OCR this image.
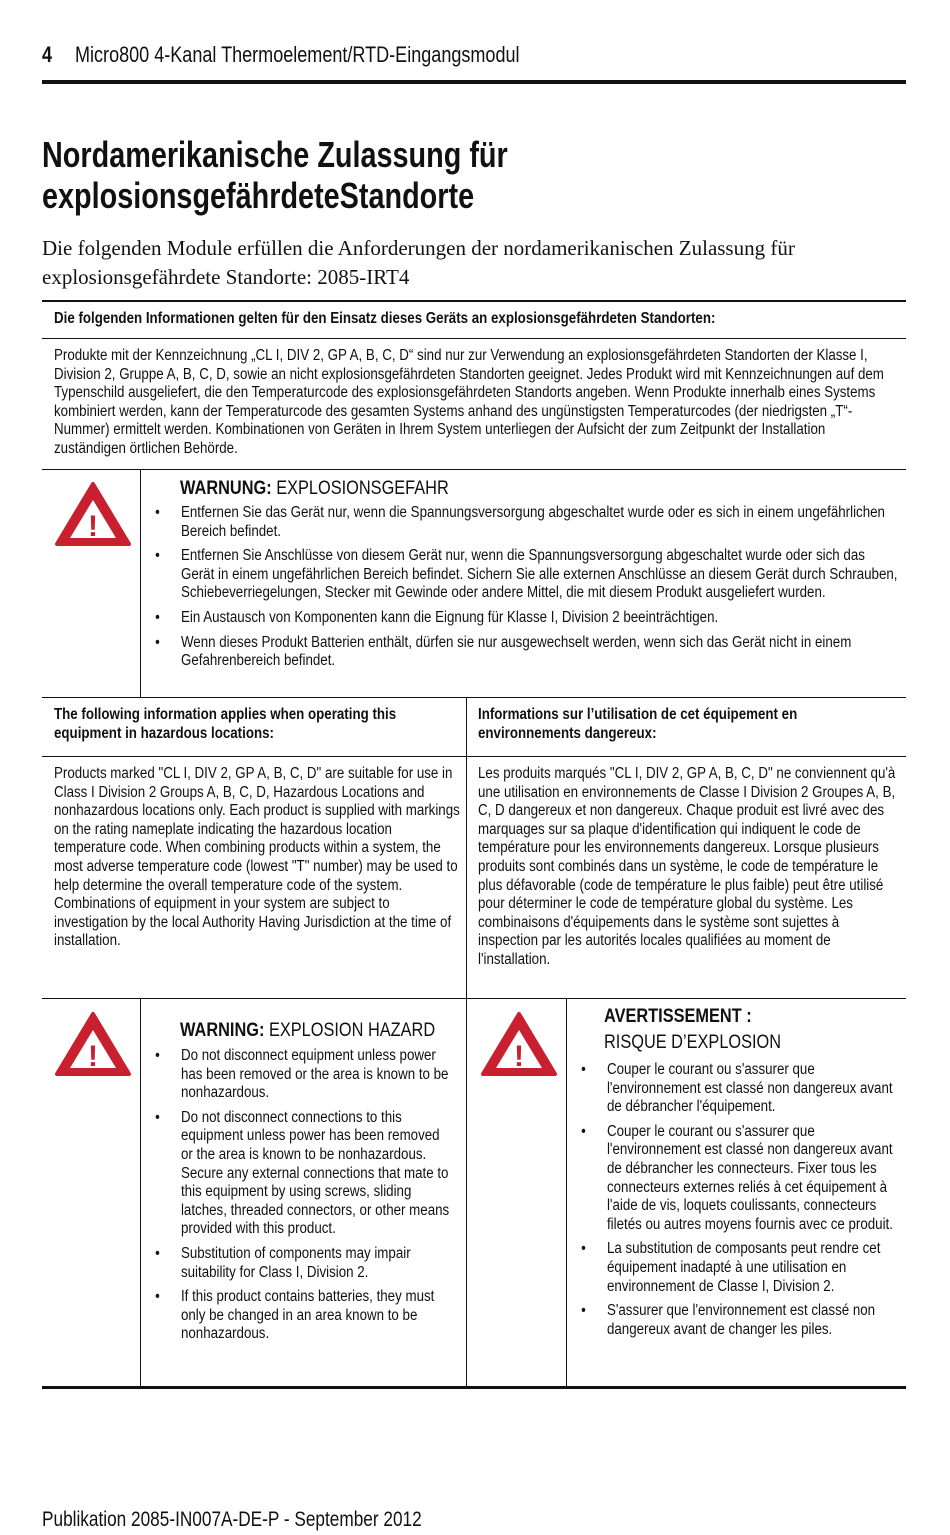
4 Micro800 4-Kanal Thermoelement/RTD-Eingangsmodul
Nordamerikanische Zulassung für
explosionsgefährdeteStandorte
Die folgenden Module erfüllen die Anforderungen der nordamerikanischen Zulassung für explosionsgefährdete Standorte: 2085-IRT4
Die folgenden Informationen gelten für den Einsatz dieses Geräts an explosionsgefährdeten Standorten:
Produkte mit der Kennzeichnung „CL I, DIV 2, GP A, B, C, D“ sind nur zur Verwendung an explosionsgefährdeten Standorten der Klasse I, Division 2, Gruppe A, B, C, D, sowie an nicht explosionsgefährdeten Standorten geeignet. Jedes Produkt wird mit Kennzeichnungen auf dem Typenschild ausgeliefert, die den Temperaturcode des explosionsgefährdeten Standorts angeben. Wenn Produkte innerhalb eines Systems kombiniert werden, kann der Temperaturcode des gesamten Systems anhand des ungünstigsten Temperaturcodes (der niedrigsten „T“-Nummer) ermittelt werden. Kombinationen von Geräten in Ihrem System unterliegen der Aufsicht der zum Zeitpunkt der Installation zuständigen örtlichen Behörde.
!
WARNUNG: EXPLOSIONSGEFAHR
• Entfernen Sie das Gerät nur, wenn die Spannungsversorgung abgeschaltet wurde oder es sich in einem ungefährlichen Bereich befindet.
• Entfernen Sie Anschlüsse von diesem Gerät nur, wenn die Spannungsversorgung abgeschaltet wurde oder sich das Gerät in einem ungefährlichen Bereich befindet. Sichern Sie alle externen Anschlüsse an diesem Gerät durch Schrauben, Schiebeverriegelungen, Stecker mit Gewinde oder andere Mittel, die mit diesem Produkt ausgeliefert wurden.
• Ein Austausch von Komponenten kann die Eignung für Klasse I, Division 2 beeinträchtigen.
• Wenn dieses Produkt Batterien enthält, dürfen sie nur ausgewechselt werden, wenn sich das Gerät nicht in einem Gefahrenbereich befindet.
The following information applies when operating this equipment in hazardous locations:
Informations sur l’utilisation de cet équipement en environnements dangereux:
Products marked "CL I, DIV 2, GP A, B, C, D" are suitable for use in Class I Division 2 Groups A, B, C, D, Hazardous Locations and nonhazardous locations only. Each product is supplied with markings on the rating nameplate indicating the hazardous location temperature code. When combining products within a system, the most adverse temperature code (lowest "T" number) may be used to help determine the overall temperature code of the system. Combinations of equipment in your system are subject to investigation by the local Authority Having Jurisdiction at the time of installation.
Les produits marqués "CL I, DIV 2, GP A, B, C, D" ne conviennent qu'à une utilisation en environnements de Classe I Division 2 Groupes A, B, C, D dangereux et non dangereux. Chaque produit est livré avec des marquages sur sa plaque d'identification qui indiquent le code de température pour les environnements dangereux. Lorsque plusieurs produits sont combinés dans un système, le code de température le plus défavorable (code de température le plus faible) peut être utilisé pour déterminer le code de température global du système. Les combinaisons d'équipements dans le système sont sujettes à inspection par les autorités locales qualifiées au moment de l'installation.
!
WARNING: EXPLOSION HAZARD
• Do not disconnect equipment unless power has been removed or the area is known to be nonhazardous.
• Do not disconnect connections to this equipment unless power has been removed or the area is known to be nonhazardous. Secure any external connections that mate to this equipment by using screws, sliding latches, threaded connectors, or other means provided with this product.
• Substitution of components may impair suitability for Class I, Division 2.
• If this product contains batteries, they must only be changed in an area known to be nonhazardous.
!
AVERTISSEMENT :
RISQUE D’EXPLOSION
• Couper le courant ou s'assurer que l'environnement est classé non dangereux avant de débrancher l'équipement.
• Couper le courant ou s'assurer que l'environnement est classé non dangereux avant de débrancher les connecteurs. Fixer tous les connecteurs externes reliés à cet équipement à l'aide de vis, loquets coulissants, connecteurs filetés ou autres moyens fournis avec ce produit.
• La substitution de composants peut rendre cet équipement inadapté à une utilisation en environnement de Classe I, Division 2.
• S'assurer que l'environnement est classé non dangereux avant de changer les piles.
Publikation 2085-IN007A-DE-P - September 2012
